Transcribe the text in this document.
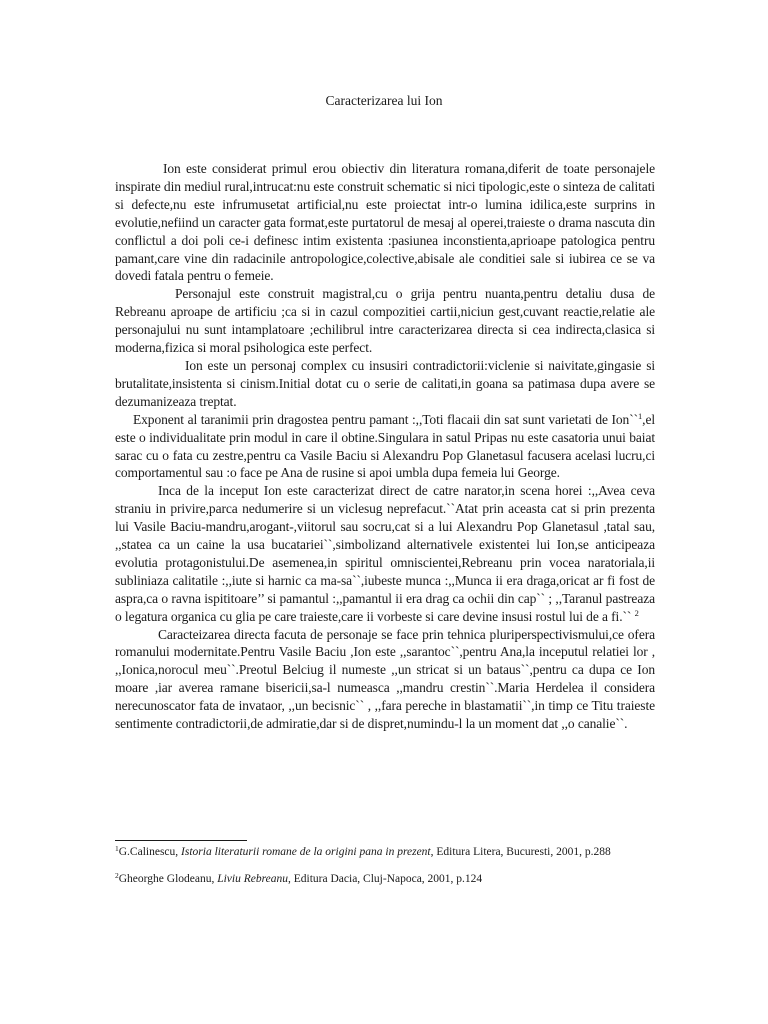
Caracterizarea lui Ion

Ion este considerat primul erou obiectiv din literatura romana,diferit de toate personajele inspirate din mediul rural,intrucat:nu este construit schematic si nici tipologic,este o sinteza de calitati si defecte,nu este infrumusetat artificial,nu este proiectat intr-o lumina idilica,este surprins in evolutie,nefiind un caracter gata format,este purtatorul de mesaj al operei,traieste o drama nascuta din conflictul a doi poli ce-i definesc intim existenta :pasiunea inconstienta,aprioape patologica pentru pamant,care vine din radacinile antropologice,colective,abisale ale conditiei sale si iubirea ce se va dovedi fatala pentru o femeie.

Personajul este construit magistral,cu o grija pentru nuanta,pentru detaliu dusa de Rebreanu aproape de artificiu ;ca si in cazul compozitiei cartii,niciun gest,cuvant reactie,relatie ale personajului nu sunt intamplatoare ;echilibrul intre caracterizarea directa si cea indirecta,clasica si moderna,fizica si moral psihologica este perfect.

Ion este un personaj complex cu insusiri contradictorii:viclenie si naivitate,gingasie si brutalitate,insistenta si cinism.Initial dotat cu o serie de calitati,in goana sa patimasa dupa avere se dezumanizeaza treptat.

Exponent al taranimii prin dragostea pentru pamant :,,Toti flacaii din sat sunt varietati de Ion``$^1$,el este o individualitate prin modul in care il obtine.Singulara in satul Pripas nu este casatoria unui baiat sarac cu o fata cu zestre,pentru ca Vasile Baciu si Alexandru Pop Glanetasul facusera acelasi lucru,ci comportamentul sau :o face pe Ana de rusine si apoi umbla dupa femeia lui George.

Inca de la inceput Ion este caracterizat direct de catre narator,in scena horei :,,Avea ceva straniu in privire,parca nedumerire si un viclesug neprefacut.``Atat prin aceasta cat si prin prezenta lui Vasile Baciu-mandru,arogant-,viitorul sau socru,cat si a lui Alexandru Pop Glanetasul ,tatal sau, ,,statea ca un caine la usa bucatariei``,simbolizand alternativele existentei lui Ion,se anticipeaza evolutia protagonistului.De asemenea,in spiritul omniscientei,Rebreanu prin vocea naratoriala,ii subliniaza calitatile :,,iute si harnic ca ma-sa``,iubeste munca :,,Munca ii era draga,oricat ar fi fost de aspra,ca o ravna ispititoare’’ si pamantul :,,pamantul ii era drag ca ochii din cap`` ; ,,Taranul pastreaza o legatura organica cu glia pe care traieste,care ii vorbeste si care devine insusi rostul lui de a fi.`` $^2$

Caracteizarea directa facuta de personaje se face prin tehnica pluriperspectivismului,ce ofera romanului modernitate.Pentru Vasile Baciu ,Ion este ,,sarantoc``,pentru Ana,la inceputul relatiei lor , ,,Ionica,norocul meu``.Preotul Belciug il numeste ,,un stricat si un bataus``,pentru ca dupa ce Ion moare ,iar averea ramane bisericii,sa-l numeasca ,,mandru crestin``.Maria Herdelea il considera nerecunoscator fata de invataor, ,,un becisnic`` , ,,fara pereche in blastamatii``,in timp ce Titu traieste sentimente contradictorii,de admiratie,dar si de dispret,numindu-l la un moment dat ,,o canalie``.

$^1$G.Calinescu, Istoria literaturii romane de la origini pana in prezent, Editura Litera, Bucuresti, 2001, p.288

$^2$Gheorghe Glodeanu, Liviu Rebreanu, Editura Dacia, Cluj-Napoca, 2001, p.124
